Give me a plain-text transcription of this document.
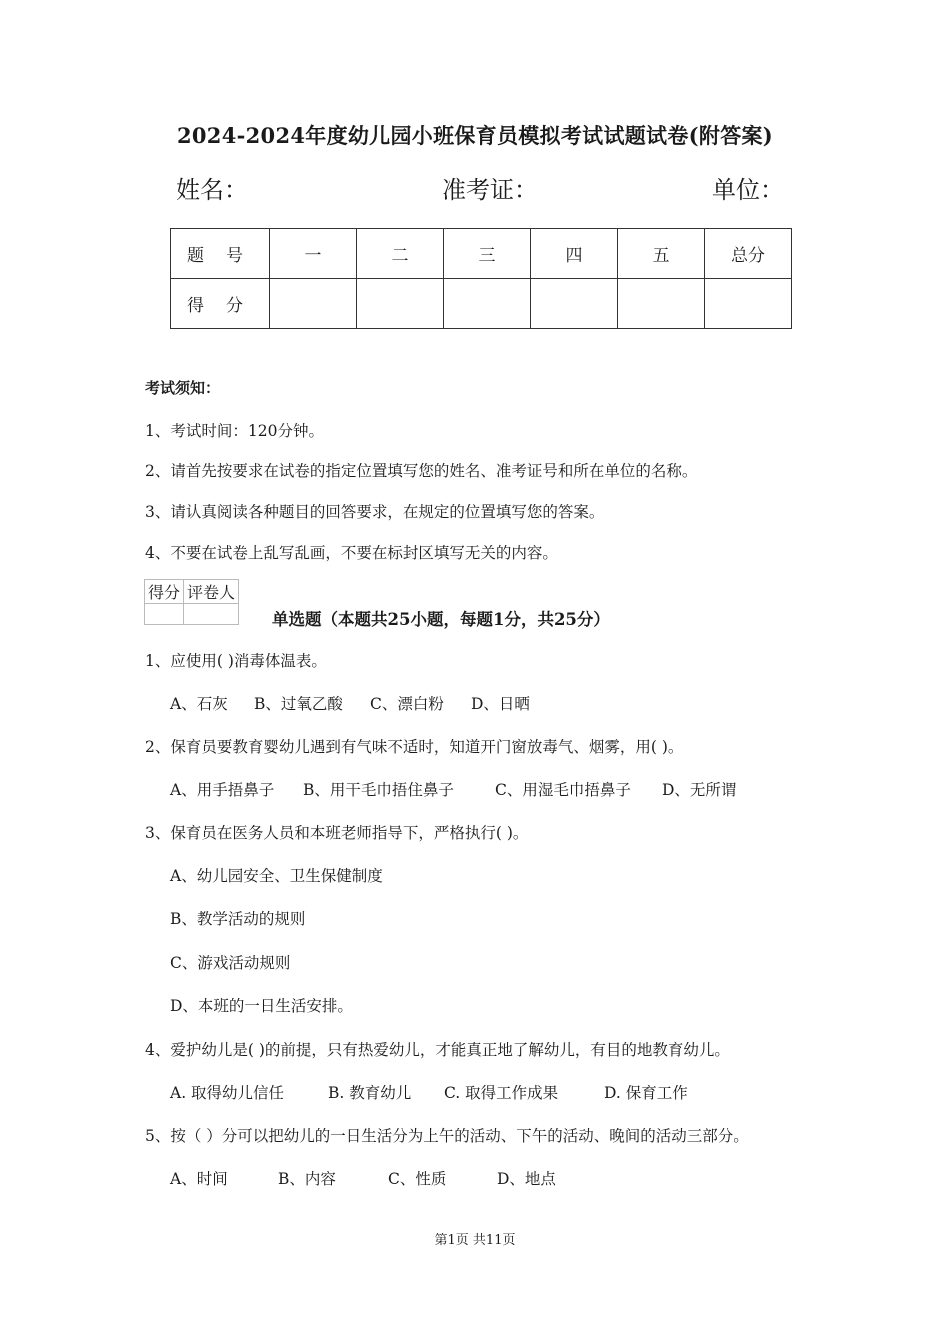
2024-2024年度幼儿园小班保育员模拟考试试题试卷(附答案)
姓名：	准考证：	单位：
题号	一	二	三	四	五	总分
得分						
考试须知：
1、考试时间：120分钟。
2、请首先按要求在试卷的指定位置填写您的姓名、准考证号和所在单位的名称。
3、请认真阅读各种题目的回答要求，在规定的位置填写您的答案。
4、不要在试卷上乱写乱画，不要在标封区填写无关的内容。
得分	评卷人

单选题（本题共25小题，每题1分，共25分）
1、应使用( )消毒体温表。
A、石灰 B、过氧乙酸 C、漂白粉 D、日晒
2、保育员要教育婴幼儿遇到有气味不适时，知道开门窗放毒气、烟雾，用( )。
A、用手捂鼻子 B、用干毛巾捂住鼻子	C、用湿毛巾捂鼻子 D、无所谓
3、保育员在医务人员和本班老师指导下，严格执行( )。
A、幼儿园安全、卫生保健制度
B、教学活动的规则
C、游戏活动规则
D、本班的一日生活安排。
4、爱护幼儿是( )的前提，只有热爱幼儿，才能真正地了解幼儿，有目的地教育幼儿。
A. 取得幼儿信任	B. 教育幼儿 C. 取得工作成果	D. 保育工作
5、按（ ）分可以把幼儿的一日生活分为上午的活动、下午的活动、晚间的活动三部分。
A、时间	B、内容	C、性质	D、地点
第1页 共11页
